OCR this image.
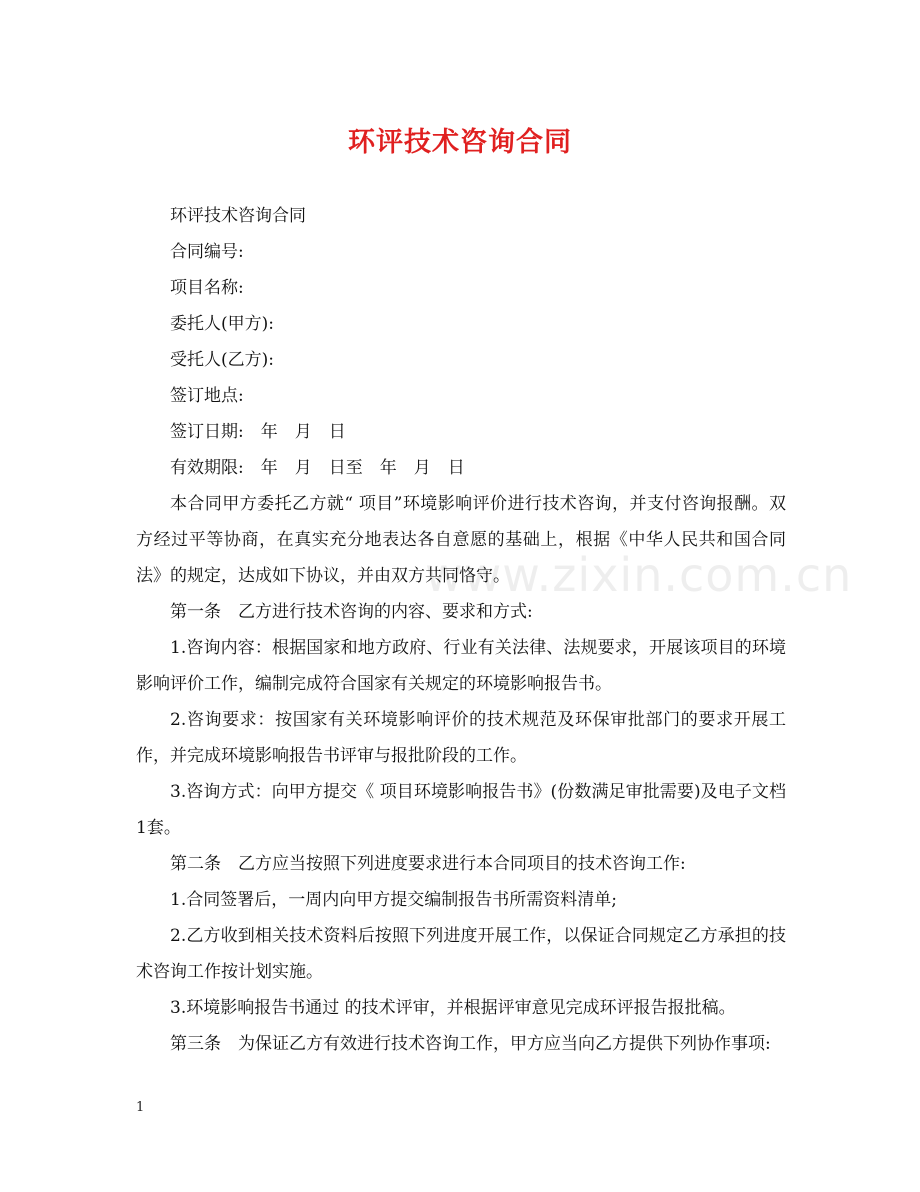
www.zixin.com.cn
环评技术咨询合同

环评技术咨询合同

合同编号:

项目名称:

委托人(甲方):

受托人(乙方):

签订地点:

签订日期:　年　月　日

有效期限:　年　月　日至　年　月　日

本合同甲方委托乙方就“ 项目”环境影响评价进行技术咨询，并支付咨询报酬。双方经过平等协商，在真实充分地表达各自意愿的基础上，根据《中华人民共和国合同法》的规定，达成如下协议，并由双方共同恪守。

第一条　乙方进行技术咨询的内容、要求和方式:

1.咨询内容：根据国家和地方政府、行业有关法律、法规要求，开展该项目的环境影响评价工作，编制完成符合国家有关规定的环境影响报告书。

2.咨询要求：按国家有关环境影响评价的技术规范及环保审批部门的要求开展工作，并完成环境影响报告书评审与报批阶段的工作。

3.咨询方式：向甲方提交《 项目环境影响报告书》(份数满足审批需要)及电子文档1套。

第二条　乙方应当按照下列进度要求进行本合同项目的技术咨询工作:

1.合同签署后，一周内向甲方提交编制报告书所需资料清单;

2.乙方收到相关技术资料后按照下列进度开展工作，以保证合同规定乙方承担的技术咨询工作按计划实施。

3.环境影响报告书通过 的技术评审，并根据评审意见完成环评报告报批稿。

第三条　为保证乙方有效进行技术咨询工作，甲方应当向乙方提供下列协作事项:

1
